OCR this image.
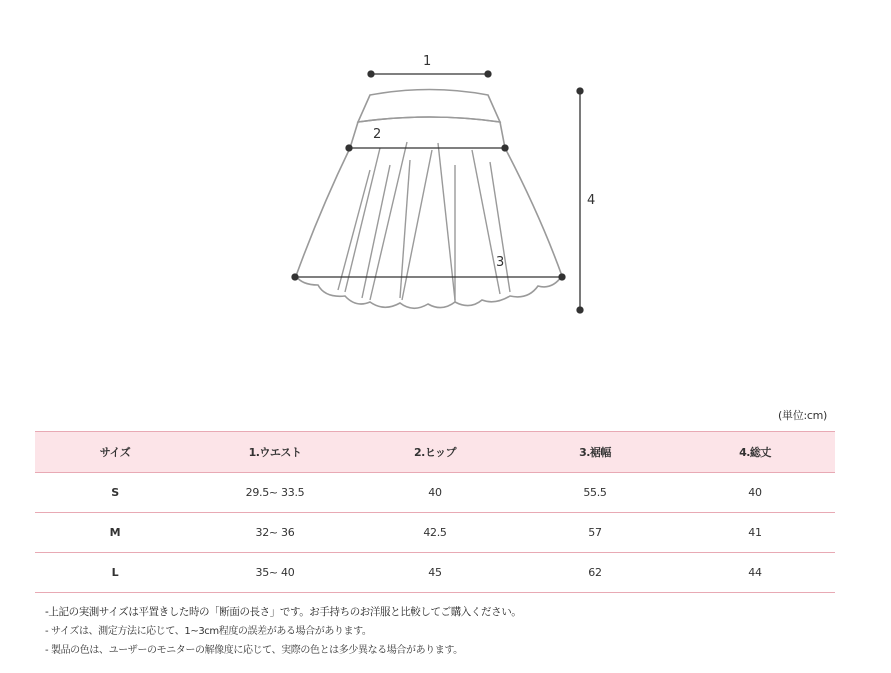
1
2
3
4
(単位:cm)
サイズ	1.ウエスト	2.ヒップ	3.裾幅	4.総丈
S	29.5~ 33.5	40	55.5	40
M	32~ 36	42.5	57	41
L	35~ 40	45	62	44
-上記の実測サイズは平置きした時の「断面の長さ」です。お手持ちのお洋服と比較してご購入ください。
- サイズは、測定方法に応じて、1~3cm程度の誤差がある場合があります。
- 製品の色は、ユーザーのモニターの解像度に応じて、実際の色とは多少異なる場合があります。
